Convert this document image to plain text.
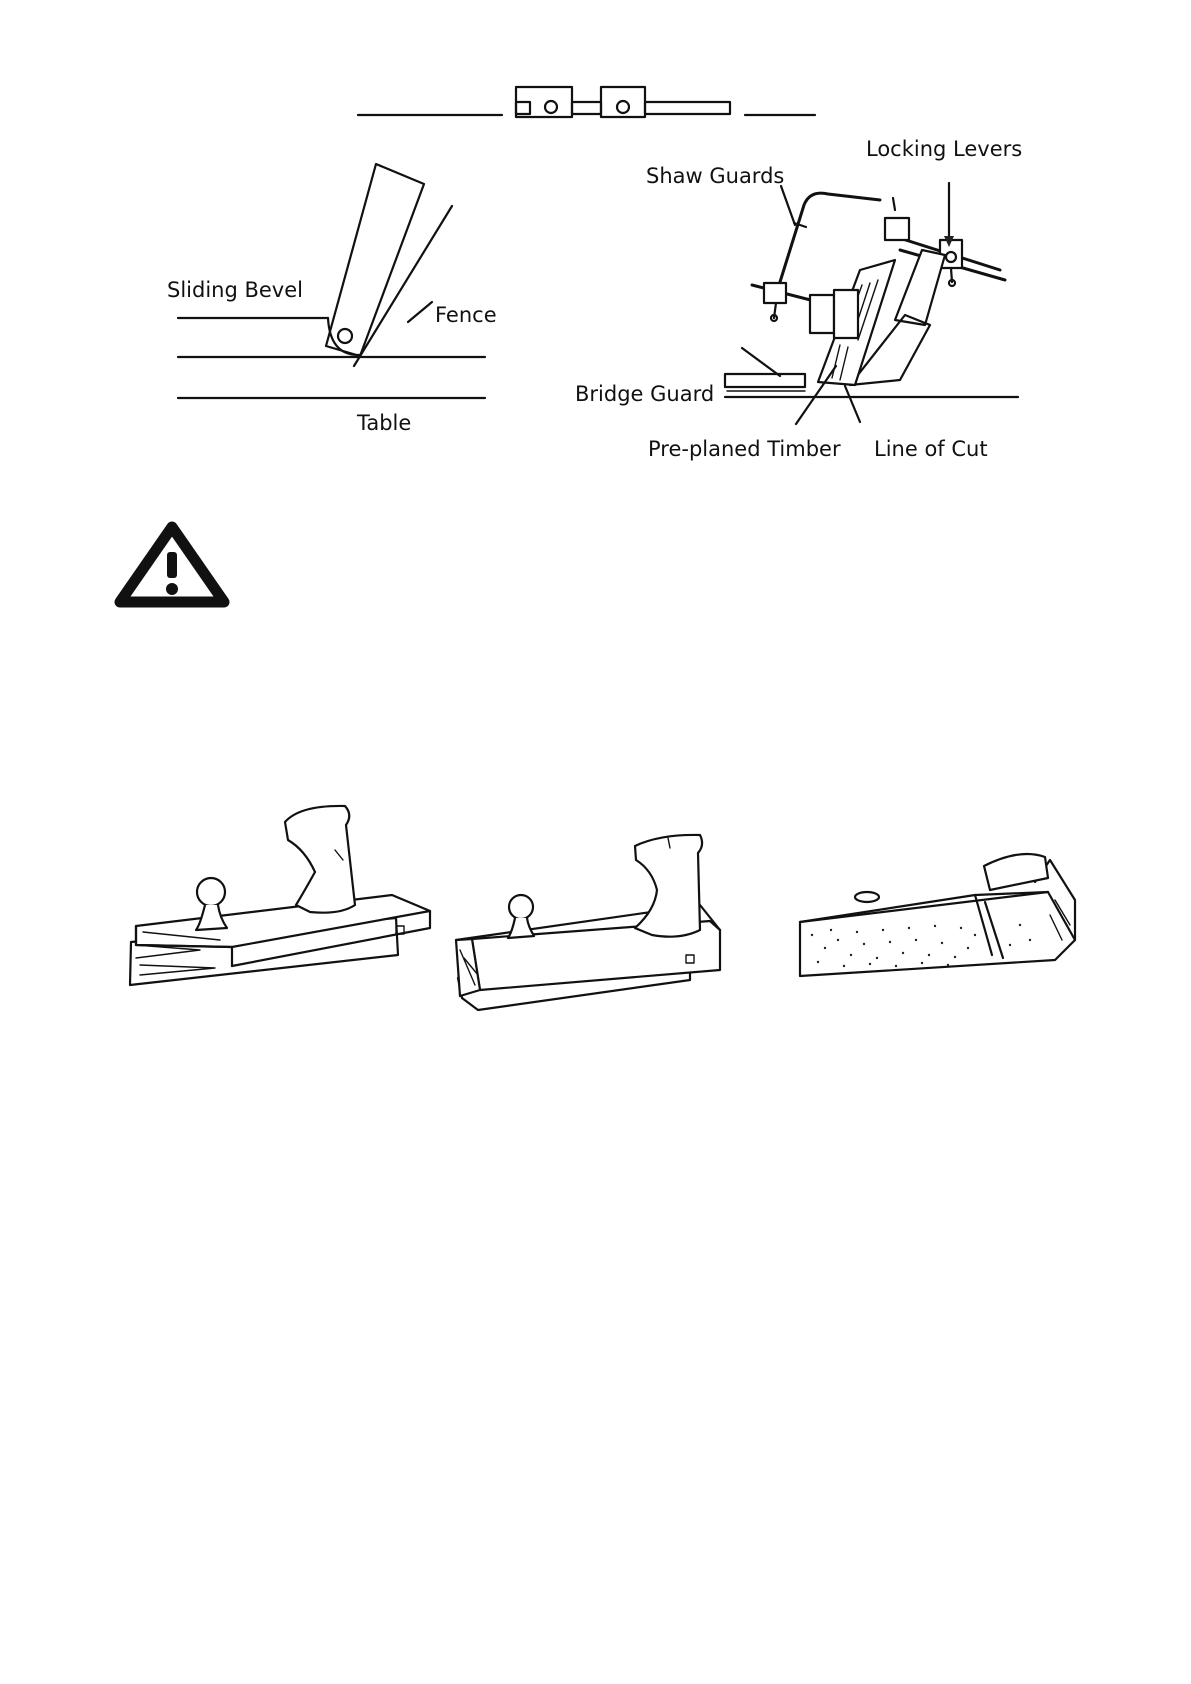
Sliding Bevel
Fence
Table
Locking Levers
Shaw Guards
Bridge Guard
Pre-planed Timber Line of Cut
